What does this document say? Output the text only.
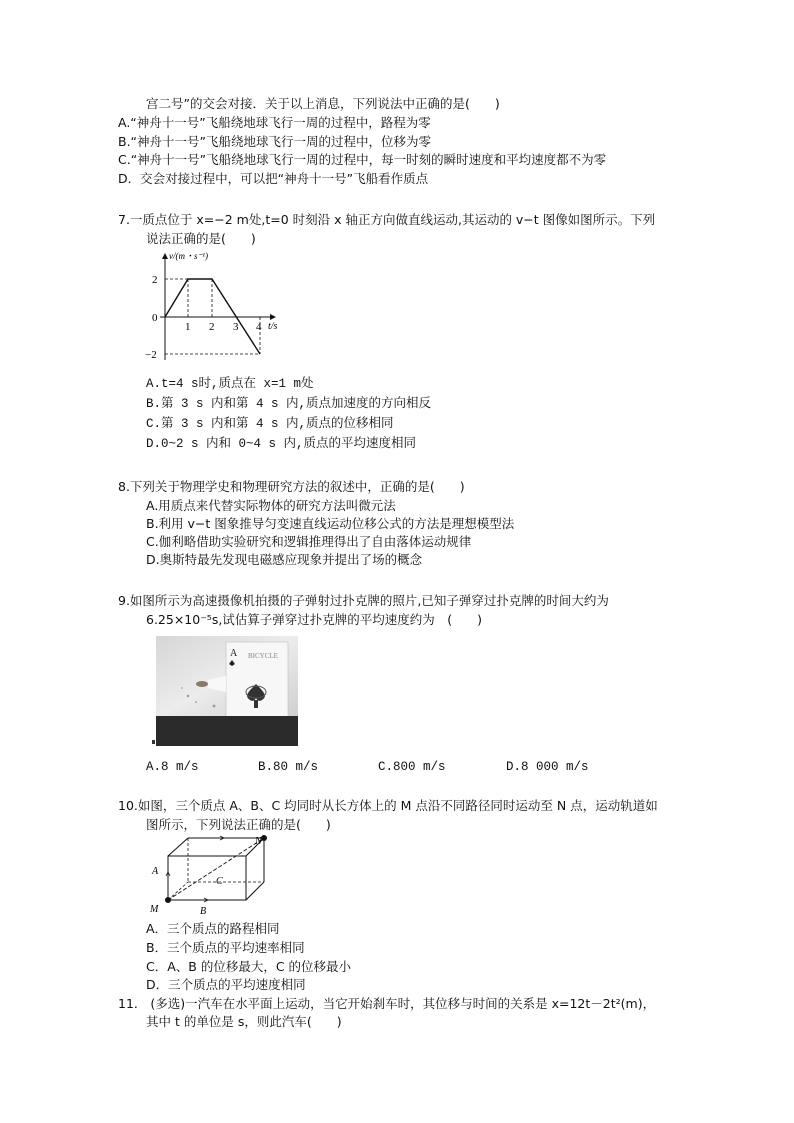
宫二号”的交会对接．关于以上消息，下列说法中正确的是(　　)
A.“神舟十一号”飞船绕地球飞行一周的过程中，路程为零
B.“神舟十一号”飞船绕地球飞行一周的过程中，位移为零
C.“神舟十一号”飞船绕地球飞行一周的过程中，每一时刻的瞬时速度和平均速度都不为零
D．交会对接过程中，可以把“神舟十一号”飞船看作质点
7.一质点位于 x=−2 m处,t=0 时刻沿 x 轴正方向做直线运动,其运动的 v−t 图像如图所示。下列
说法正确的是(　　)
v/(m・s⁻¹)
t/s
2
0
−2
1 2 3 4
A.t=4 s时,质点在 x=1 m处
B.第 3 s 内和第 4 s 内,质点加速度的方向相反
C.第 3 s 内和第 4 s 内,质点的位移相同
D.0~2 s 内和 0~4 s 内,质点的平均速度相同
8.下列关于物理学史和物理研究方法的叙述中，正确的是(　　)
A.用质点来代替实际物体的研究方法叫微元法
B.利用 v−t 图象推导匀变速直线运动位移公式的方法是理想模型法
C.伽利略借助实验研究和逻辑推理得出了自由落体运动规律
D.奥斯特最先发现电磁感应现象并提出了场的概念
9.如图所示为高速摄像机拍摄的子弹射过扑克牌的照片,已知子弹穿过扑克牌的时间大约为
6.25×10⁻⁵s,试估算子弹穿过扑克牌的平均速度约为　(　　)
A BICYCLE
A.8 m/s	B.80 m/s	C.800 m/s	D.8 000 m/s
10.如图，三个质点 A、B、C 均同时从长方体上的 M 点沿不同路径同时运动至 N 点，运动轨道如
图所示，下列说法正确的是(　　)
N
M
A
B
C
A．三个质点的路程相同
B．三个质点的平均速率相同
C．A、B 的位移最大，C 的位移最小
D．三个质点的平均速度相同
11.　(多选)一汽车在水平面上运动，当它开始刹车时，其位移与时间的关系是 x=12t－2t²(m)，
其中 t 的单位是 s，则此汽车(　　)
